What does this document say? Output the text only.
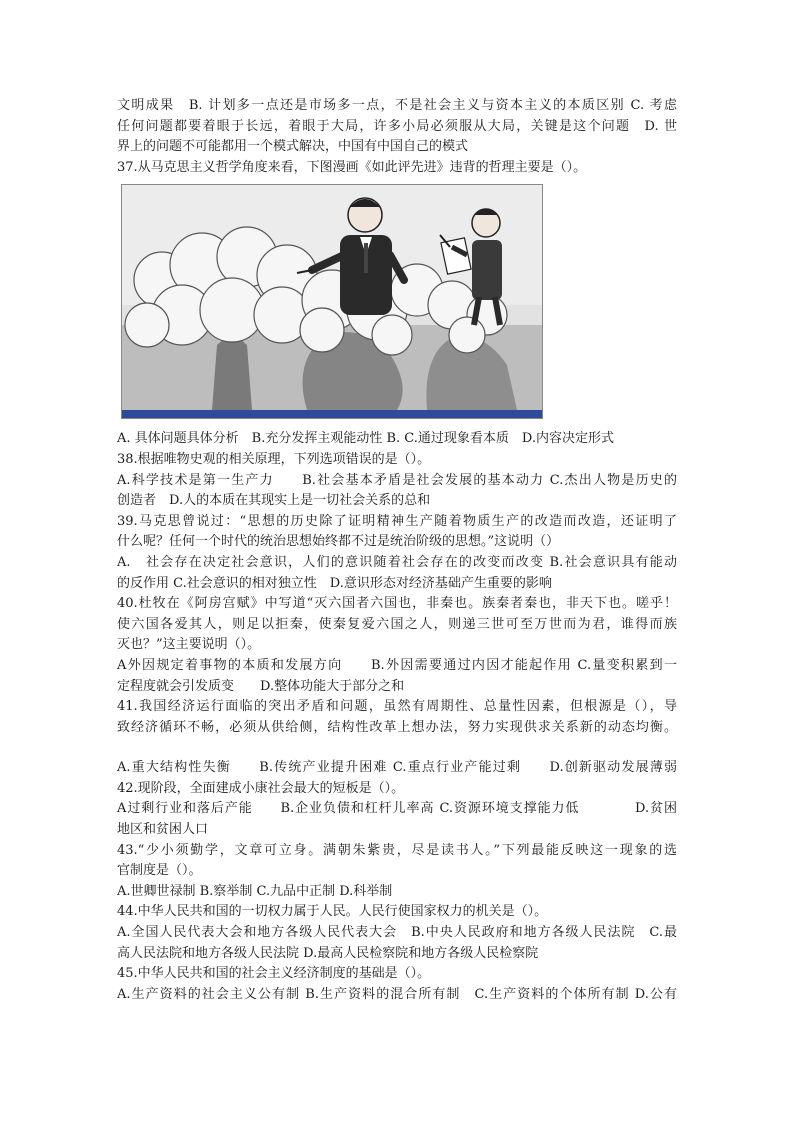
文明成果　B. 计划多一点还是市场多一点，不是社会主义与资本主义的本质区别 C. 考虑
任何问题都要着眼于长远，着眼于大局，许多小局必须服从大局，关键是这个问题　D. 世
界上的问题不可能都用一个模式解决，中国有中国自己的模式
37.从马克思主义哲学角度来看，下图漫画《如此评先进》违背的哲理主要是（）。
A. 具体问题具体分析　B.充分发挥主观能动性 B. C.通过现象看本质　D.内容决定形式
38.根据唯物史观的相关原理，下列选项错误的是（）。
A.科学技术是第一生产力　　B.社会基本矛盾是社会发展的基本动力 C.杰出人物是历史的
创造者　D.人的本质在其现实上是一切社会关系的总和
39.马克思曾说过：“思想的历史除了证明精神生产随着物质生产的改造而改造，还证明了
什么呢？任何一个时代的统治思想始终都不过是统治阶级的思想。”这说明（）
A.　社会存在决定社会意识，人们的意识随着社会存在的改变而改变 B.社会意识具有能动
的反作用 C.社会意识的相对独立性　D.意识形态对经济基础产生重要的影响
40.杜牧在《阿房宫赋》中写道“灭六国者六国也，非秦也。族秦者秦也，非天下也。嗟乎！
使六国各爱其人，则足以拒秦，使秦复爱六国之人，则递三世可至万世而为君，谁得而族
灭也？”这主要说明（）。
A外因规定着事物的本质和发展方向　　B.外因需要通过内因才能起作用 C.量变积累到一
定程度就会引发质变　　D.整体功能大于部分之和
41.我国经济运行面临的突出矛盾和问题，虽然有周期性、总量性因素，但根源是（），导
致经济循环不畅，必须从供给侧，结构性改革上想办法，努力实现供求关系新的动态均衡。
A.重大结构性失衡　　B.传统产业提升困难 C.重点行业产能过剩　　D.创新驱动发展薄弱
42.现阶段，全面建成小康社会最大的短板是（）。
A过剩行业和落后产能　　B.企业负债和杠杆儿率高 C.资源环境支撑能力低　　　　D.贫困
地区和贫困人口
43.“少小须勤学，文章可立身。满朝朱紫贵，尽是读书人。”下列最能反映这一现象的选
官制度是（）。
A.世卿世禄制 B.察举制 C.九品中正制 D.科举制
44.中华人民共和国的一切权力属于人民。人民行使国家权力的机关是（）。
A.全国人民代表大会和地方各级人民代表大会　B.中央人民政府和地方各级人民法院　C.最
高人民法院和地方各级人民法院 D.最高人民检察院和地方各级人民检察院
45.中华人民共和国的社会主义经济制度的基础是（）。
A.生产资料的社会主义公有制 B.生产资料的混合所有制　C.生产资料的个体所有制 D.公有
